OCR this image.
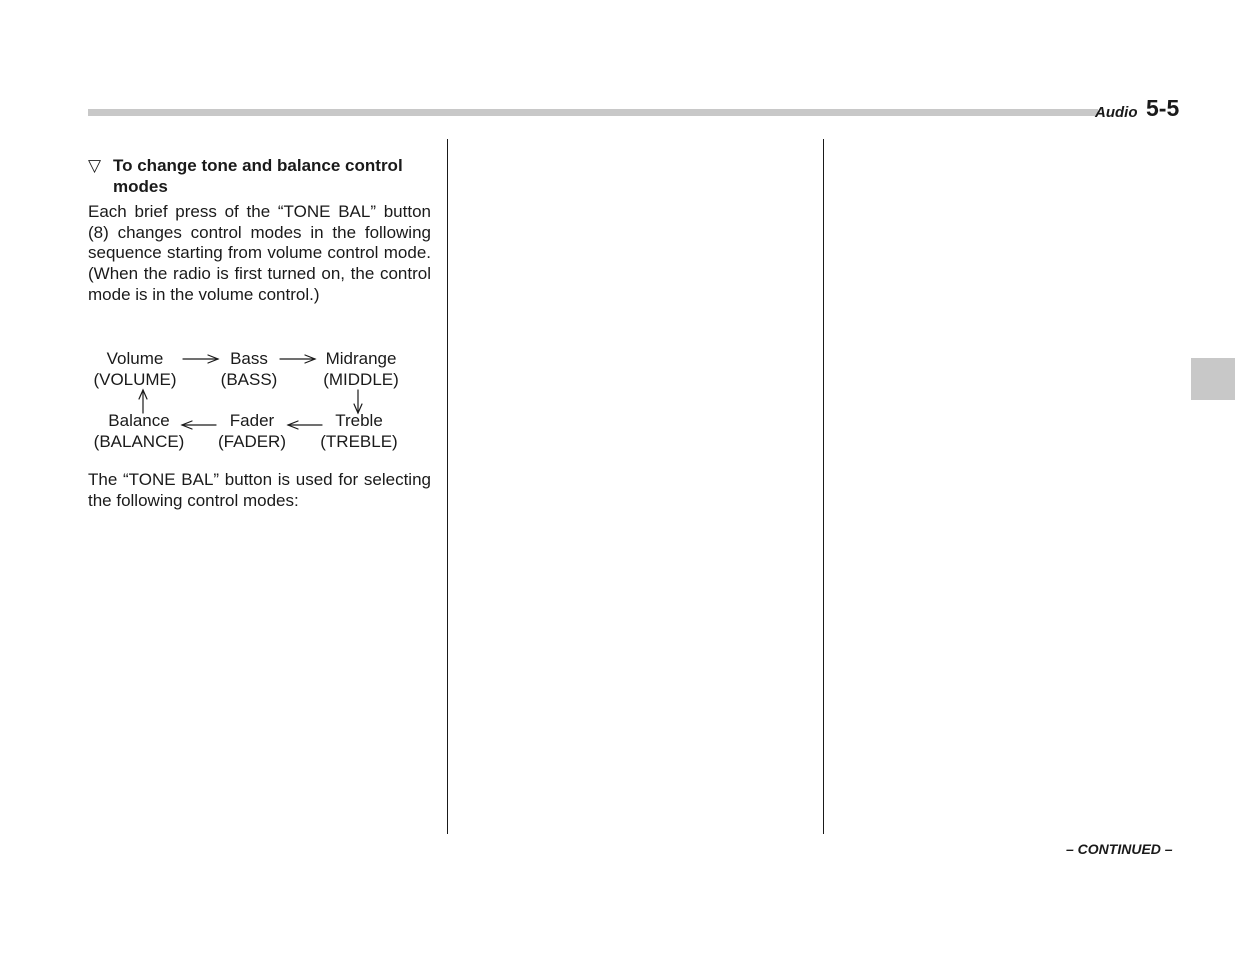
Audio 5-5
▽ To change tone and balance control modes
Each brief press of the “TONE BAL” button (8) changes control modes in the following sequence starting from volume control mode. (When the radio is first turned on, the control mode is in the volume control.)
Volume
(VOLUME)
Bass
(BASS)
Midrange
(MIDDLE)
Treble
(TREBLE)
Fader
(FADER)
Balance
(BALANCE)
The “TONE BAL” button is used for selecting the following control modes:
– CONTINUED –
